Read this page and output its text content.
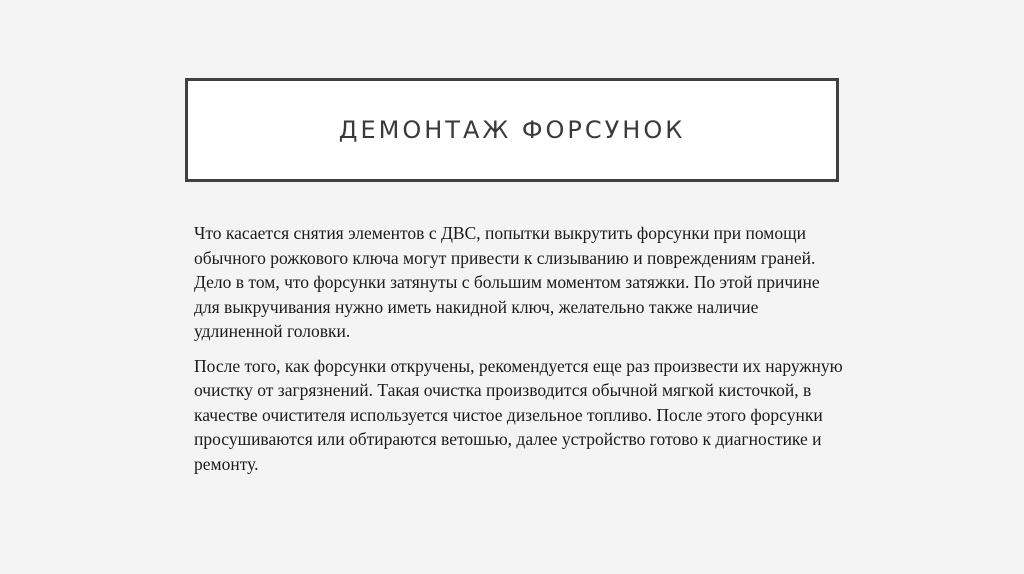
ДЕМОНТАЖ ФОРСУНОК

Что касается снятия элементов с ДВС, попытки выкрутить форсунки при помощи обычного рожкового ключа могут привести к слизыванию и повреждениям граней. Дело в том, что форсунки затянуты с большим моментом затяжки. По этой причине для выкручивания нужно иметь накидной ключ, желательно также наличие удлиненной головки.

После того, как форсунки откручены, рекомендуется еще раз произвести их наружную очистку от загрязнений. Такая очистка производится обычной мягкой кисточкой, в качестве очистителя используется чистое дизельное топливо. После этого форсунки просушиваются или обтираются ветошью, далее устройство готово к диагностике и ремонту.
